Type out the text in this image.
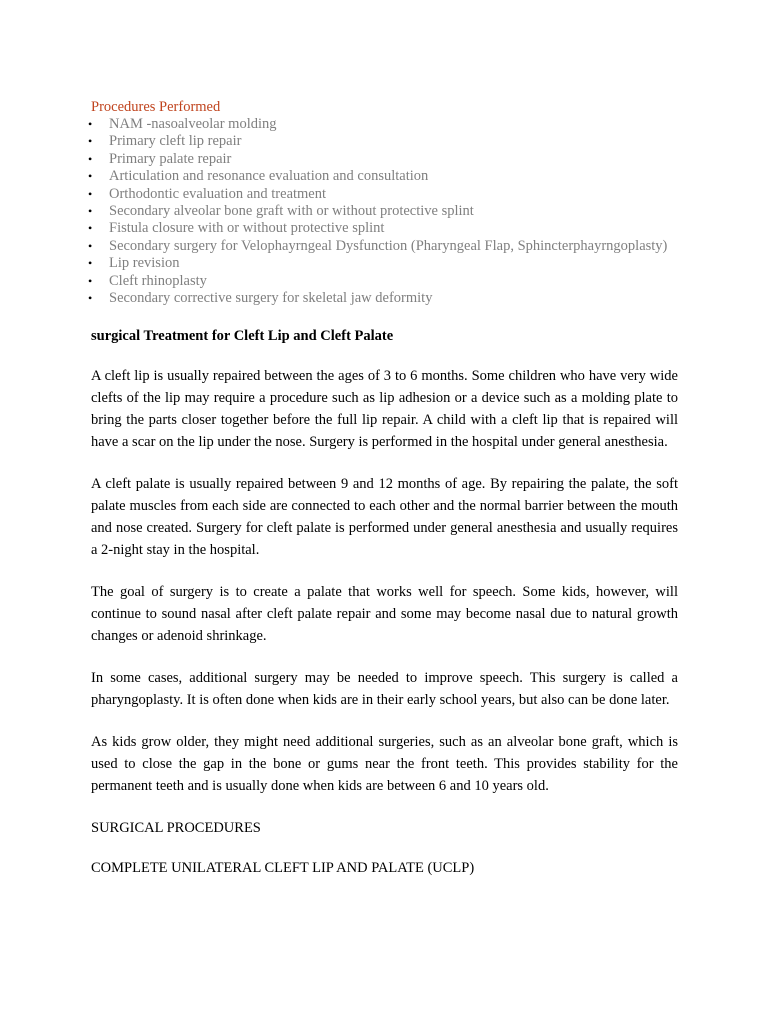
Procedures Performed

• NAM -nasoalveolar molding
• Primary cleft lip repair
• Primary palate repair
• Articulation and resonance evaluation and consultation
• Orthodontic evaluation and treatment
• Secondary alveolar bone graft with or without protective splint
• Fistula closure with or without protective splint
• Secondary surgery for Velophayrngeal Dysfunction (Pharyngeal Flap, Sphincterphayrngoplasty)
• Lip revision
• Cleft rhinoplasty
• Secondary corrective surgery for skeletal jaw deformity

surgical Treatment for Cleft Lip and Cleft Palate

A cleft lip is usually repaired between the ages of 3 to 6 months. Some children who have very wide clefts of the lip may require a procedure such as lip adhesion or a device such as a molding plate to bring the parts closer together before the full lip repair. A child with a cleft lip that is repaired will have a scar on the lip under the nose. Surgery is performed in the hospital under general anesthesia.

A cleft palate is usually repaired between 9 and 12 months of age. By repairing the palate, the soft palate muscles from each side are connected to each other and the normal barrier between the mouth and nose created. Surgery for cleft palate is performed under general anesthesia and usually requires a 2-night stay in the hospital.

The goal of surgery is to create a palate that works well for speech. Some kids, however, will continue to sound nasal after cleft palate repair and some may become nasal due to natural growth changes or adenoid shrinkage.

In some cases, additional surgery may be needed to improve speech. This surgery is called a pharyngoplasty. It is often done when kids are in their early school years, but also can be done later.

As kids grow older, they might need additional surgeries, such as an alveolar bone graft, which is used to close the gap in the bone or gums near the front teeth. This provides stability for the permanent teeth and is usually done when kids are between 6 and 10 years old.

SURGICAL PROCEDURES

COMPLETE UNILATERAL CLEFT LIP AND PALATE (UCLP)
